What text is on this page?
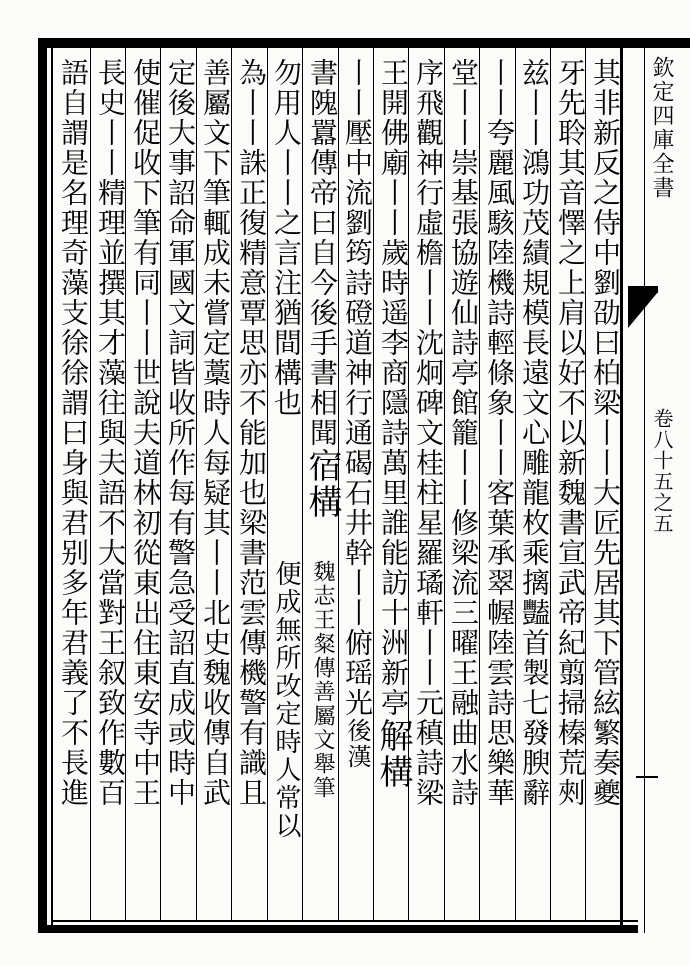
欽定四庫全書
卷八十五之五
其非新反之侍中劉劭曰柏梁丨丨大匠先居其下管絃繁奏夔
牙先聆其音懌之上肩以好不以新魏書宣武帝紀翦掃榛荒㓨
兹丨丨鴻功茂績規模長遠文心雕龍枚乘摛豔首製七發腴辭
丨丨夸麗風駭陸機詩輕條象丨丨客葉承翠幄陸雲詩思樂華
堂丨丨崇基張協遊仙詩亭館籠丨丨修梁流三曜王融曲水詩
序飛觀神行虛檐丨丨沈炯碑文桂柱星羅璚軒丨丨元稹詩梁
王開佛廟丨丨歲時遥李商隱詩萬里誰能訪十洲新亭
解構
丨丨壓中流劉筠詩磴道神行通碣石井幹丨丨俯瑶光
後漢
書隗囂傳帝曰自今後手書相聞
宿構
勿用人丨丨之言注猶間構也
為丨丨誅正復精意覃思亦不能加也梁書范雲傳機警有識且
善屬文下筆輒成未嘗定藁時人每疑其丨丨北史魏收傳自武
定後大事詔命軍國文詞皆收所作每有警急受詔直成或時中
使催促收下筆有同丨丨世說夫道林初從東出住東安寺中王
長史丨丨精理並撰其才藻往與夫語不大當對王叙致作數百
語自謂是名理奇藻支徐徐謂曰身與君别多年君義了不長進	魏志王粲傳善屬文舉筆
便成無所改定時人常以
